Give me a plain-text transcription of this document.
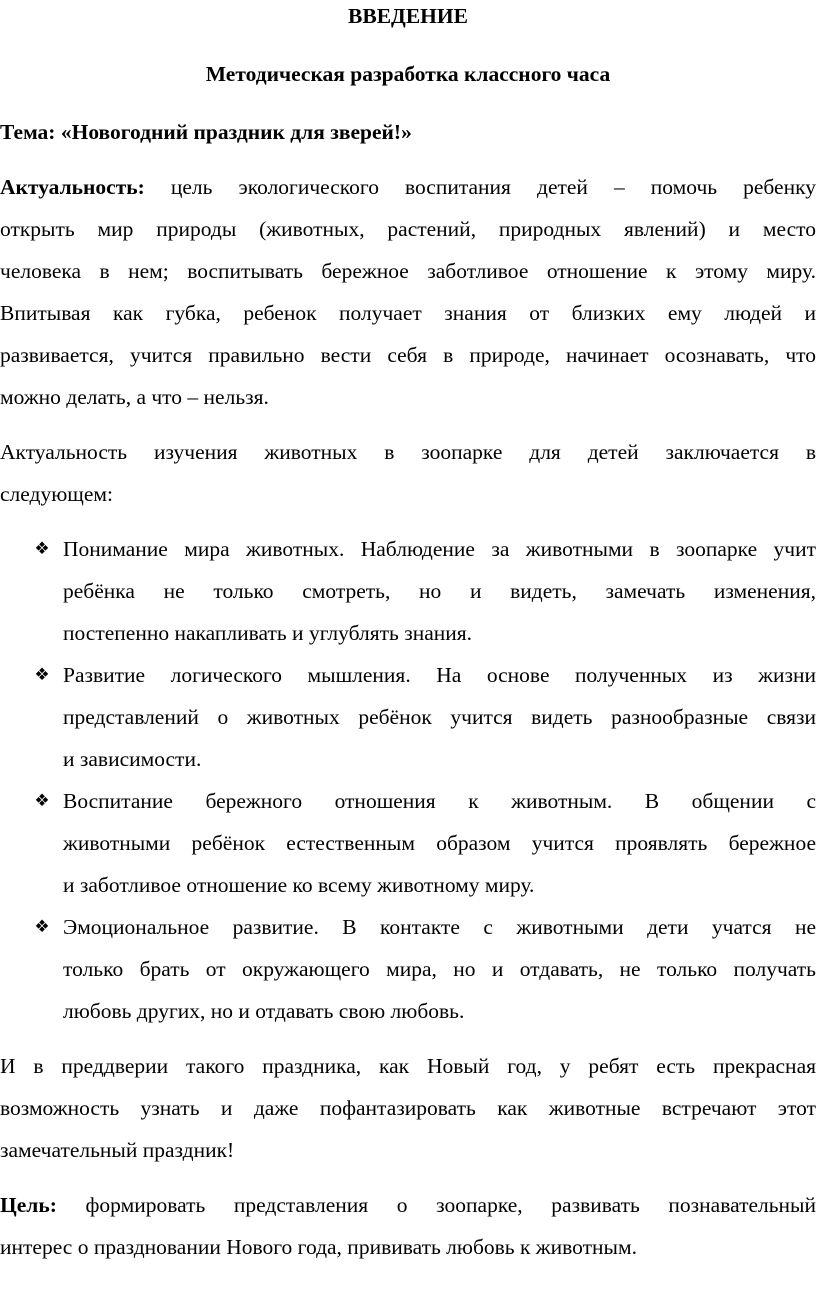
ВВЕДЕНИЕ
Методическая разработка классного часа
Тема: «Новогодний праздник для зверей!»
Актуальность: цель экологического воспитания детей – помочь ребенку
открыть мир природы (животных, растений, природных явлений) и место
человека в нем; воспитывать бережное заботливое отношение к этому миру.
Впитывая как губка, ребенок получает знания от близких ему людей и
развивается, учится правильно вести себя в природе, начинает осознавать, что
можно делать, а что – нельзя.
Актуальность изучения животных в зоопарке для детей заключается в
следующем:
❖ Понимание мира животных. Наблюдение за животными в зоопарке учит
ребёнка не только смотреть, но и видеть, замечать изменения,
постепенно накапливать и углублять знания.
❖ Развитие логического мышления. На основе полученных из жизни
представлений о животных ребёнок учится видеть разнообразные связи
и зависимости.
❖ Воспитание бережного отношения к животным. В общении с
животными ребёнок естественным образом учится проявлять бережное
и заботливое отношение ко всему животному миру.
❖ Эмоциональное развитие. В контакте с животными дети учатся не
только брать от окружающего мира, но и отдавать, не только получать
любовь других, но и отдавать свою любовь.
И в преддверии такого праздника, как Новый год, у ребят есть прекрасная
возможность узнать и даже пофантазировать как животные встречают этот
замечательный праздник!
Цель: формировать представления о зоопарке, развивать познавательный
интерес о праздновании Нового года, прививать любовь к животным.
